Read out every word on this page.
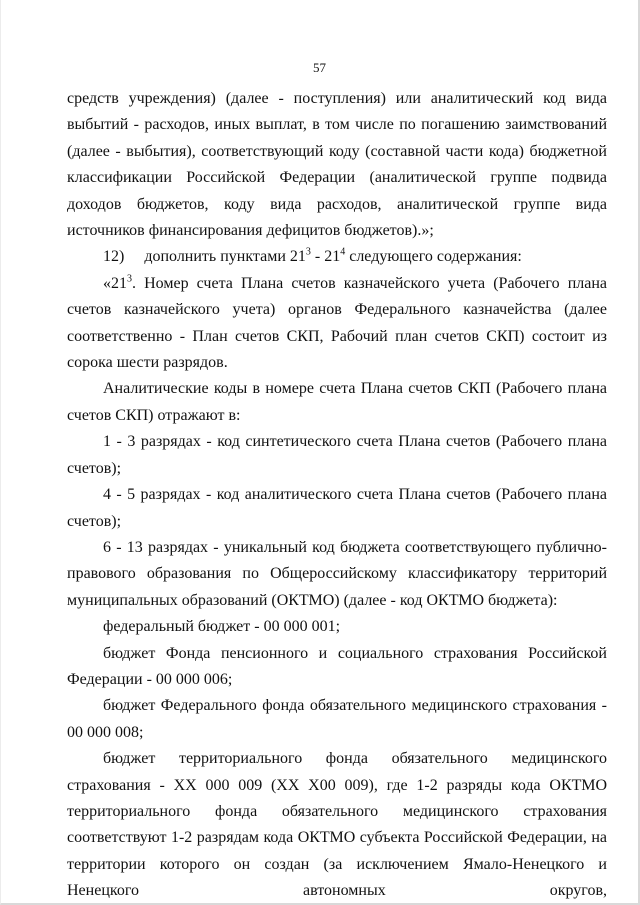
57

средств учреждения) (далее - поступления) или аналитический код вида выбытий - расходов, иных выплат, в том числе по погашению заимствований (далее - выбытия), соответствующий коду (составной части кода) бюджетной классификации Российской Федерации (аналитической группе подвида доходов бюджетов, коду вида расходов, аналитической группе вида источников финансирования дефицитов бюджетов).»;

12)  дополнить пунктами $21^3 - 21^4$ следующего содержания:

«$21^3$. Номер счета Плана счетов казначейского учета (Рабочего плана счетов казначейского учета) органов Федерального казначейства (далее соответственно - План счетов СКП, Рабочий план счетов СКП) состоит из сорока шести разрядов.

Аналитические коды в номере счета Плана счетов СКП (Рабочего плана счетов СКП) отражают в:

1 - 3 разрядах - код синтетического счета Плана счетов (Рабочего плана счетов);

4 - 5 разрядах - код аналитического счета Плана счетов (Рабочего плана счетов);

6 - 13 разрядах - уникальный код бюджета соответствующего публично-правового образования по Общероссийскому классификатору территорий муниципальных образований (ОКТМО) (далее - код ОКТМО бюджета):

федеральный бюджет - 00 000 001;

бюджет Фонда пенсионного и социального страхования Российской Федерации - 00 000 006;

бюджет Федерального фонда обязательного медицинского страхования - 00 000 008;

бюджет территориального фонда обязательного медицинского страхования - ХХ 000 009 (ХХ Х00 009), где 1-2 разряды кода ОКТМО территориального фонда обязательного медицинского страхования соответствуют 1-2 разрядам кода ОКТМО субъекта Российской Федерации, на территории которого он создан (за исключением Ямало-Ненецкого и Ненецкого автономных округов,
